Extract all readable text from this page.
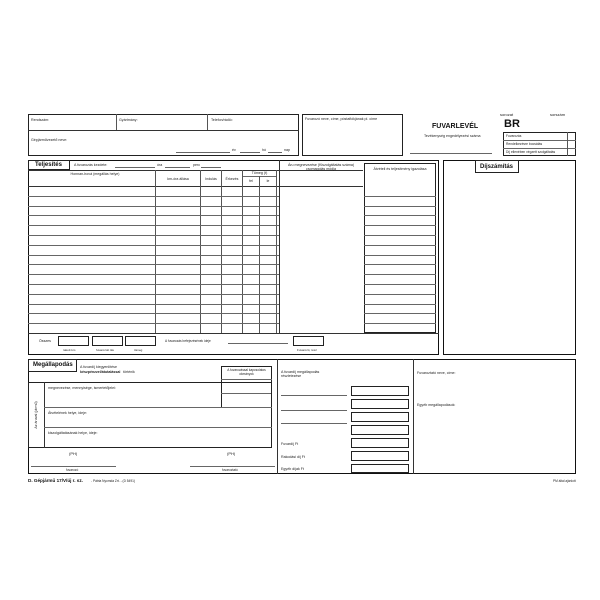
Rendszám:	Gyártmány:	Telefon/rádió:
Gépjárművezető neve:
év	hó	nap
Fuvarozó neve, címe, póstafiókjának pl. címe
sorozat	sorszám
BR
FUVARLEVÉL
Tevékenység engedélyezési száma	Fuvarozás
Rendelkezésre bocsátás
Díj ellenében végzett szolgáltatás
Teljesítés	A fuvarozás kezdete:	óra	perc
Honnan-hová (megállás helye)
km-óra állása	Indulás	Érkezés
Tömeg (t)
fel	le
Áru megnevezése (Kiszolgáltatás száma) csomagolás módja	Átvételi és teljesítmény igazolása
Összes
rakott km	fuvarozott táv	tömeg
A fuvarozás befejezésének ideje
Fuvarozó; rész
Díjszámítás
Megállapodás A fuvardíj kiegyenlítése
készpénzzel/átutalással történik	A fuvarozással kapcsolatos okmányok
Az áruval (jármű)
megnevezése, mennyisége, ismertetőjelei:
Átvételének helye, ideje:
kiszolgáltatásának helye, ideje:
(PH)	(PH)
fuvarozó	fuvaroztató
A fuvardíj megállapodás részletezése
Fuvardíj Ft
Rakodási díj Ft
Egyéb díjak Ft
Fuvaroztató neve, címe:
Egyéb megállapodások:
D. Gépjármű 17/V/új r. sz.	- Pátria Nyomda Zrt. - (D 5491)	PM által ajánlott
